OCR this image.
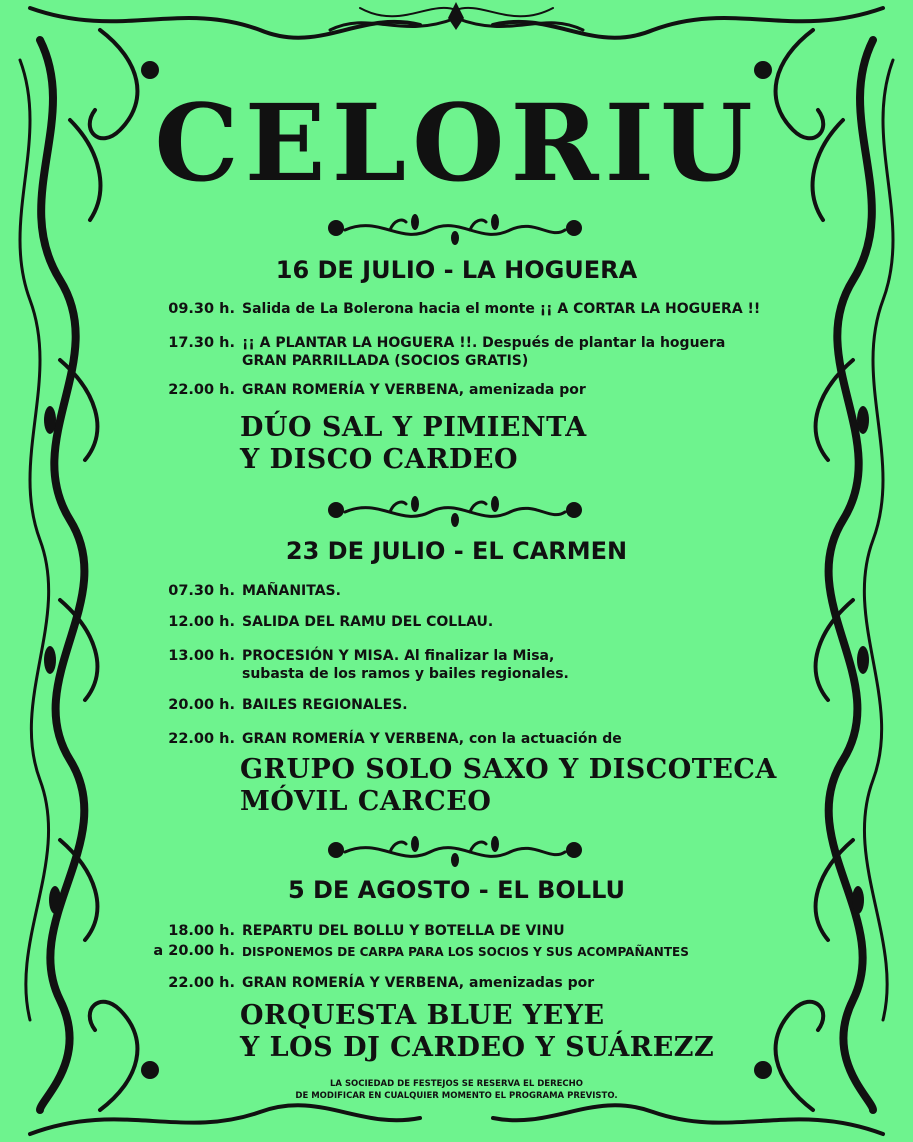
CELORIU
16 DE JULIO - LA HOGUERA
09.30 h. Salida de La Bolerona hacia el monte ¡¡ A CORTAR LA HOGUERA !!
17.30 h. ¡¡ A PLANTAR LA HOGUERA !!. Después de plantar la hoguera
GRAN PARRILLADA (SOCIOS GRATIS)
22.00 h. GRAN ROMERÍA Y VERBENA, amenizada por
DÚO SAL Y PIMIENTA
Y DISCO CARDEO
23 DE JULIO - EL CARMEN
07.30 h. MAÑANITAS.
12.00 h. SALIDA DEL RAMU DEL COLLAU.
13.00 h. PROCESIÓN Y MISA. Al finalizar la Misa,
subasta de los ramos y bailes regionales.
20.00 h. BAILES REGIONALES.
22.00 h. GRAN ROMERÍA Y VERBENA, con la actuación de
GRUPO SOLO SAXO Y DISCOTECA
MÓVIL CARCEO
5 DE AGOSTO - EL BOLLU
18.00 h.
a 20.00 h.
REPARTU DEL BOLLU Y BOTELLA DE VINU
DISPONEMOS DE CARPA PARA LOS SOCIOS Y SUS ACOMPAÑANTES
22.00 h. GRAN ROMERÍA Y VERBENA, amenizadas por
ORQUESTA BLUE YEYE
Y LOS DJ CARDEO Y SUÁREZZ
LA SOCIEDAD DE FESTEJOS SE RESERVA EL DERECHO
DE MODIFICAR EN CUALQUIER MOMENTO EL PROGRAMA PREVISTO.
